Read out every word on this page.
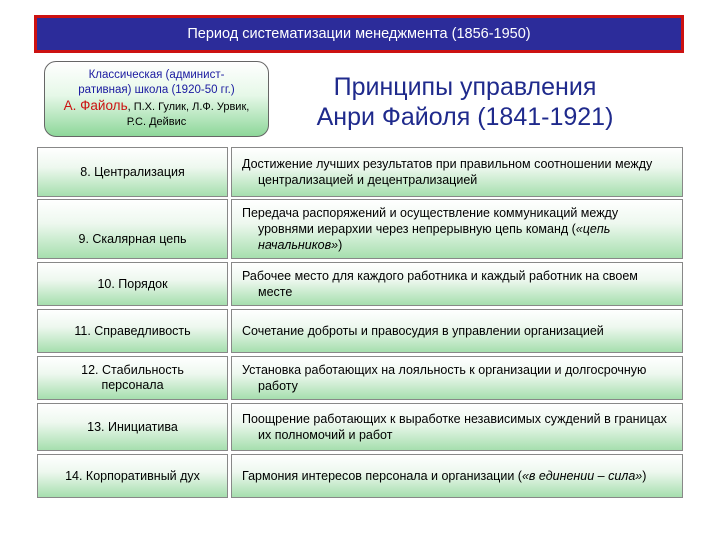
Период систематизации менеджмента (1856-1950)
Классическая (админист-
ративная) школа (1920-50 гг.)
А. Файоль, П.Х. Гулик, Л.Ф. Урвик,
Р.С. Дейвис
Принципы управления
Анри Файоля (1841-1921)
8. Централизация
Достижение лучших результатов при правильном соотношении между централизацией и децентрализацией
9. Скалярная цепь
Передача распоряжений и осуществление коммуникаций между уровнями иерархии через непрерывную цепь команд («цепь начальников»)
10. Порядок
Рабочее место для каждого работника и каждый работник на своем месте
11. Справедливость	Сочетание доброты и правосудия в управлении организацией
12. Стабильность персонала
Установка работающих на лояльность к организации и долгосрочную работу
13. Инициатива
Поощрение работающих к выработке независимых суждений в границах их полномочий и работ
14. Корпоративный дух	Гармония интересов персонала и организации («в единении – сила»)
